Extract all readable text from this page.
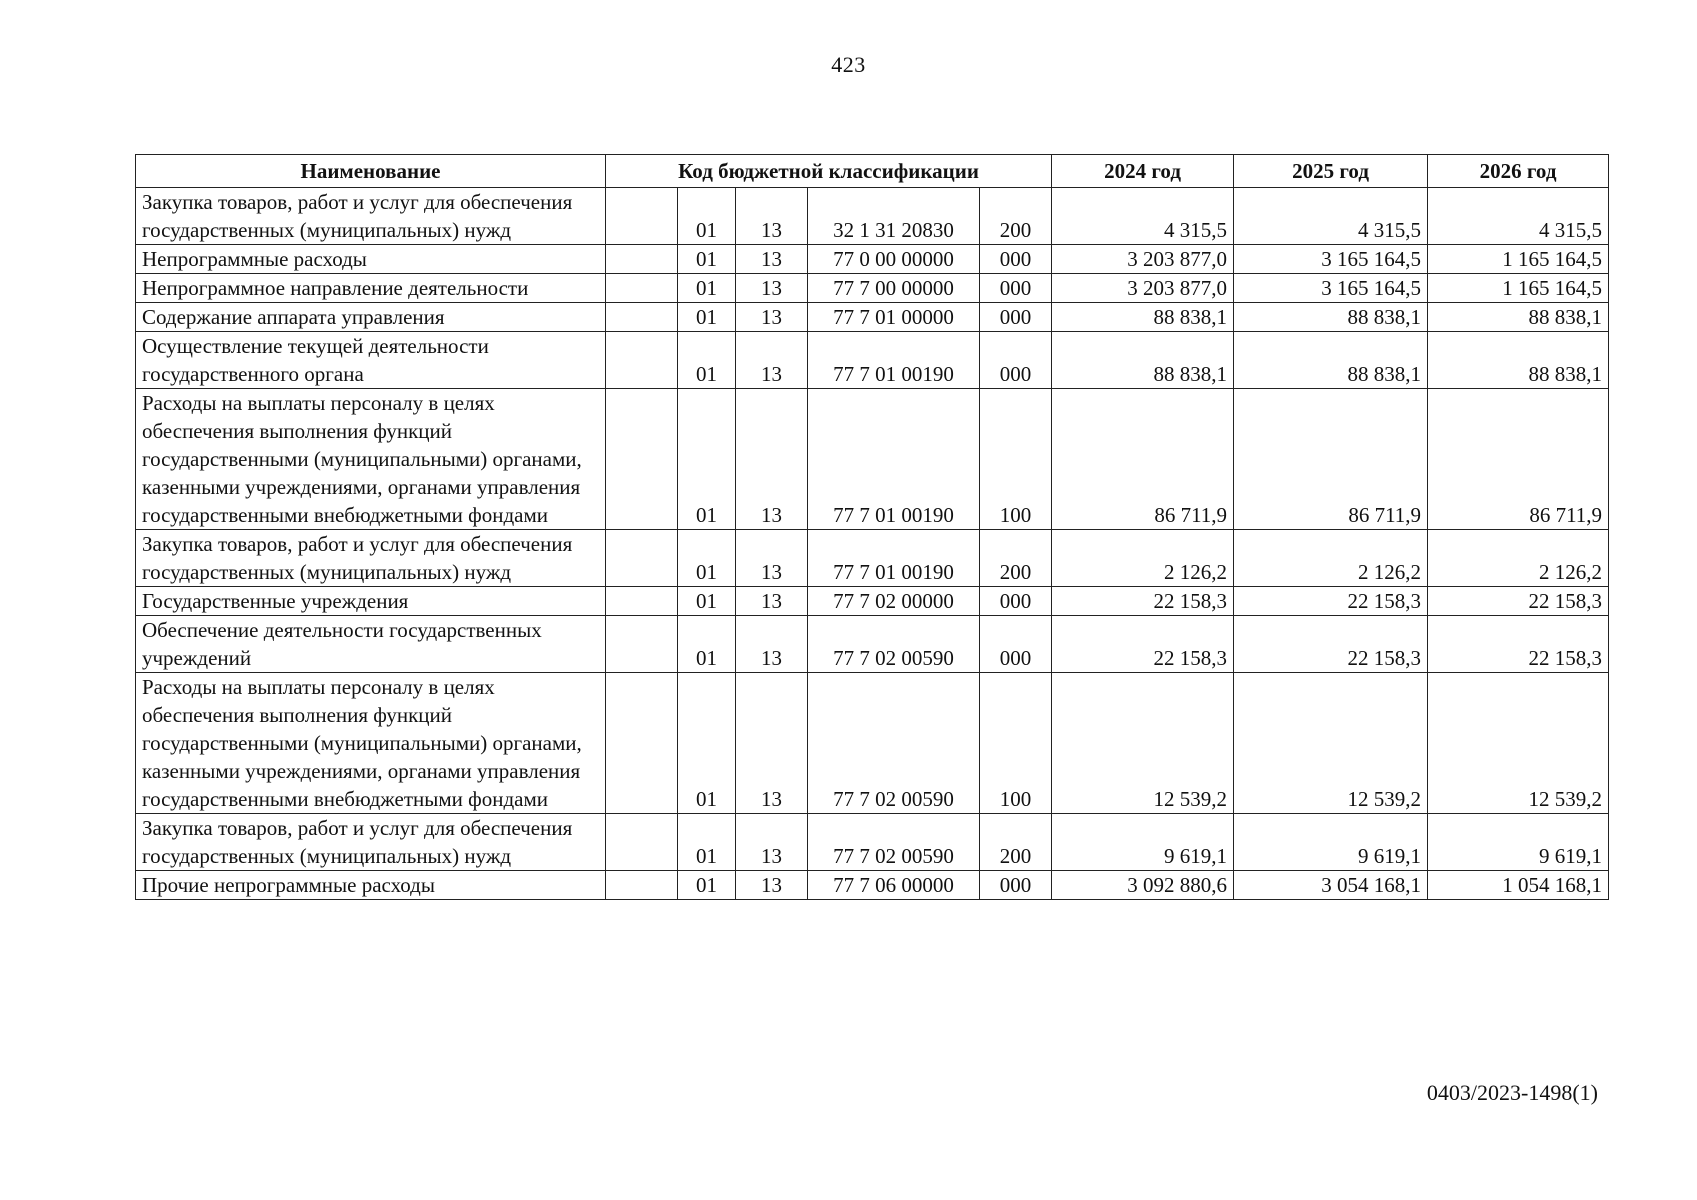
423
Наименование	Код бюджетной классификации					2024 год	2025 год	2026 год
Закупка товаров, работ и услуг для обеспечения государственных (муниципальных) нужд		01	13	32 1 31 20830	200	4 315,5	4 315,5	4 315,5
Непрограммные расходы		01	13	77 0 00 00000	000	3 203 877,0	3 165 164,5	1 165 164,5
Непрограммное направление деятельности		01	13	77 7 00 00000	000	3 203 877,0	3 165 164,5	1 165 164,5
Содержание аппарата управления		01	13	77 7 01 00000	000	88 838,1	88 838,1	88 838,1
Осуществление текущей деятельности государственного органа		01	13	77 7 01 00190	000	88 838,1	88 838,1	88 838,1
Расходы на выплаты персоналу в целях обеспечения выполнения функций государственными (муниципальными) органами, казенными учреждениями, органами управления государственными внебюджетными фондами		01	13	77 7 01 00190	100	86 711,9	86 711,9	86 711,9
Закупка товаров, работ и услуг для обеспечения государственных (муниципальных) нужд		01	13	77 7 01 00190	200	2 126,2	2 126,2	2 126,2
Государственные учреждения		01	13	77 7 02 00000	000	22 158,3	22 158,3	22 158,3
Обеспечение деятельности государственных учреждений		01	13	77 7 02 00590	000	22 158,3	22 158,3	22 158,3
Расходы на выплаты персоналу в целях обеспечения выполнения функций государственными (муниципальными) органами, казенными учреждениями, органами управления государственными внебюджетными фондами		01	13	77 7 02 00590	100	12 539,2	12 539,2	12 539,2
Закупка товаров, работ и услуг для обеспечения государственных (муниципальных) нужд		01	13	77 7 02 00590	200	9 619,1	9 619,1	9 619,1
Прочие непрограммные расходы		01	13	77 7 06 00000	000	3 092 880,6	3 054 168,1	1 054 168,1
0403/2023-1498(1)
